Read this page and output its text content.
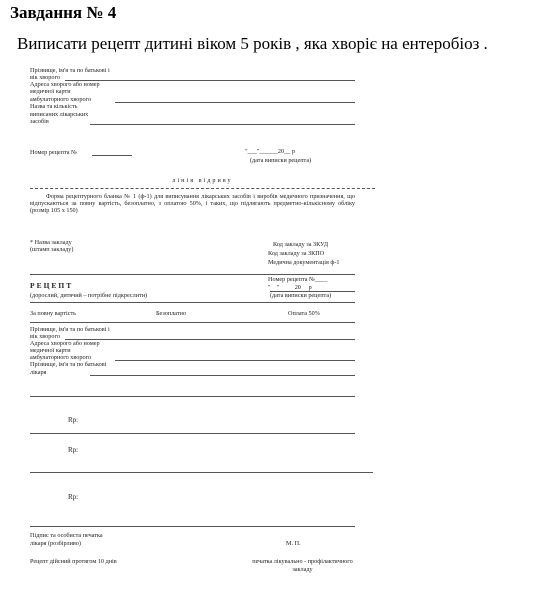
Завдання № 4
Виписати рецепт дитині віком 5 років , яка хворіє на ентеробіоз .
Прізвище, ім'я та по батькові і
вік хворого
Адреса хворого або номер
медичної карти
амбулаторного хворого
Назва та кількість
виписаних лікарських
засобів
Номер рецепта №	"___"______20__ р
(дата виписки рецепта)
лінія відриву
Форма рецептурного бланка № 1 (ф-1) для виписування лікарських засобів і виробів медичного призначення, що відпускаються за повну вартість, безоплатно, з оплатою 50%, і таких, що підлягають предметно-кількісному обліку (розмір 105 х 150)
* Назва закладу
(штамп закладу)
Код закладу за ЗКУД
Код закладу за ЗКПО
Медична документація ф-1
РЕЦЕПТ
(дорослий, дитячий – потрібне підкреслити)
Номер рецепта №____
"    "          20     р
(дата виписки рецепта)
За повну вартість	Безоплатно	Оплата 50%
Прізвище, ім'я та по батькові і
вік хворого
Адреса хворого або номер
медичної карти
амбулаторного хворого
Прізвище, ім'я та по батькові
лікаря
Rp:
Rp:
Rp:
Підпис та особиста печатка
лікаря (розбірливо)	М. П.
Рецепт дійсний протягом 10 днів	печатка лікувально - профілактичного
закладу
